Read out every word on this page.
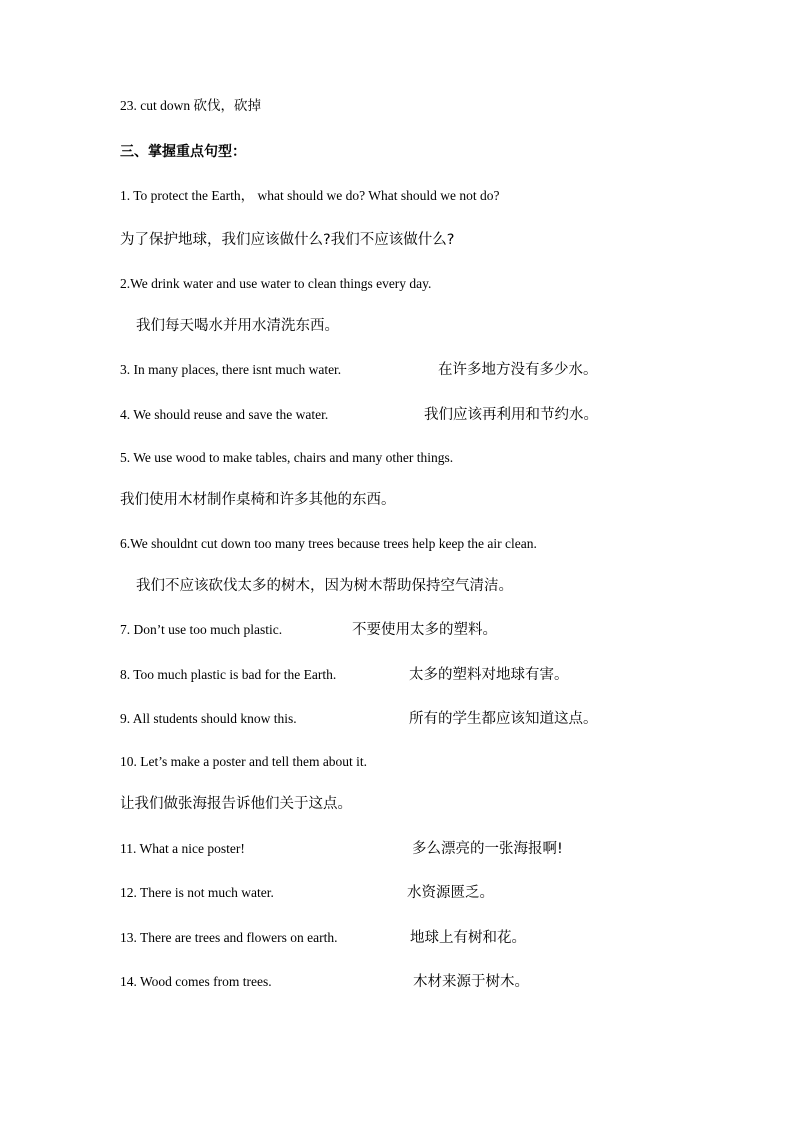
23. cut down 砍伐，砍掉
三、掌握重点句型：
1. To protect the Earth， what should we do? What should we not do?
为了保护地球，我们应该做什么?我们不应该做什么?
2.We drink water and use water to clean things every day.
我们每天喝水并用水清洗东西。
3. In many places, there isnt much water.	在许多地方没有多少水。
4. We should reuse and save the water.	我们应该再利用和节约水。
5. We use wood to make tables, chairs and many other things.
我们使用木材制作桌椅和许多其他的东西。
6.We shouldnt cut down too many trees because trees help keep the air clean.
我们不应该砍伐太多的树木，因为树木帮助保持空气清洁。
7. Don’t use too much plastic.	不要使用太多的塑料。
8. Too much plastic is bad for the Earth.	太多的塑料对地球有害。
9. All students should know this.	所有的学生都应该知道这点。
10. Let’s make a poster and tell them about it.
让我们做张海报告诉他们关于这点。
11. What a nice poster!	多么漂亮的一张海报啊!
12. There is not much water.	水资源匮乏。
13. There are trees and flowers on earth.	地球上有树和花。
14. Wood comes from trees.	木材来源于树木。
